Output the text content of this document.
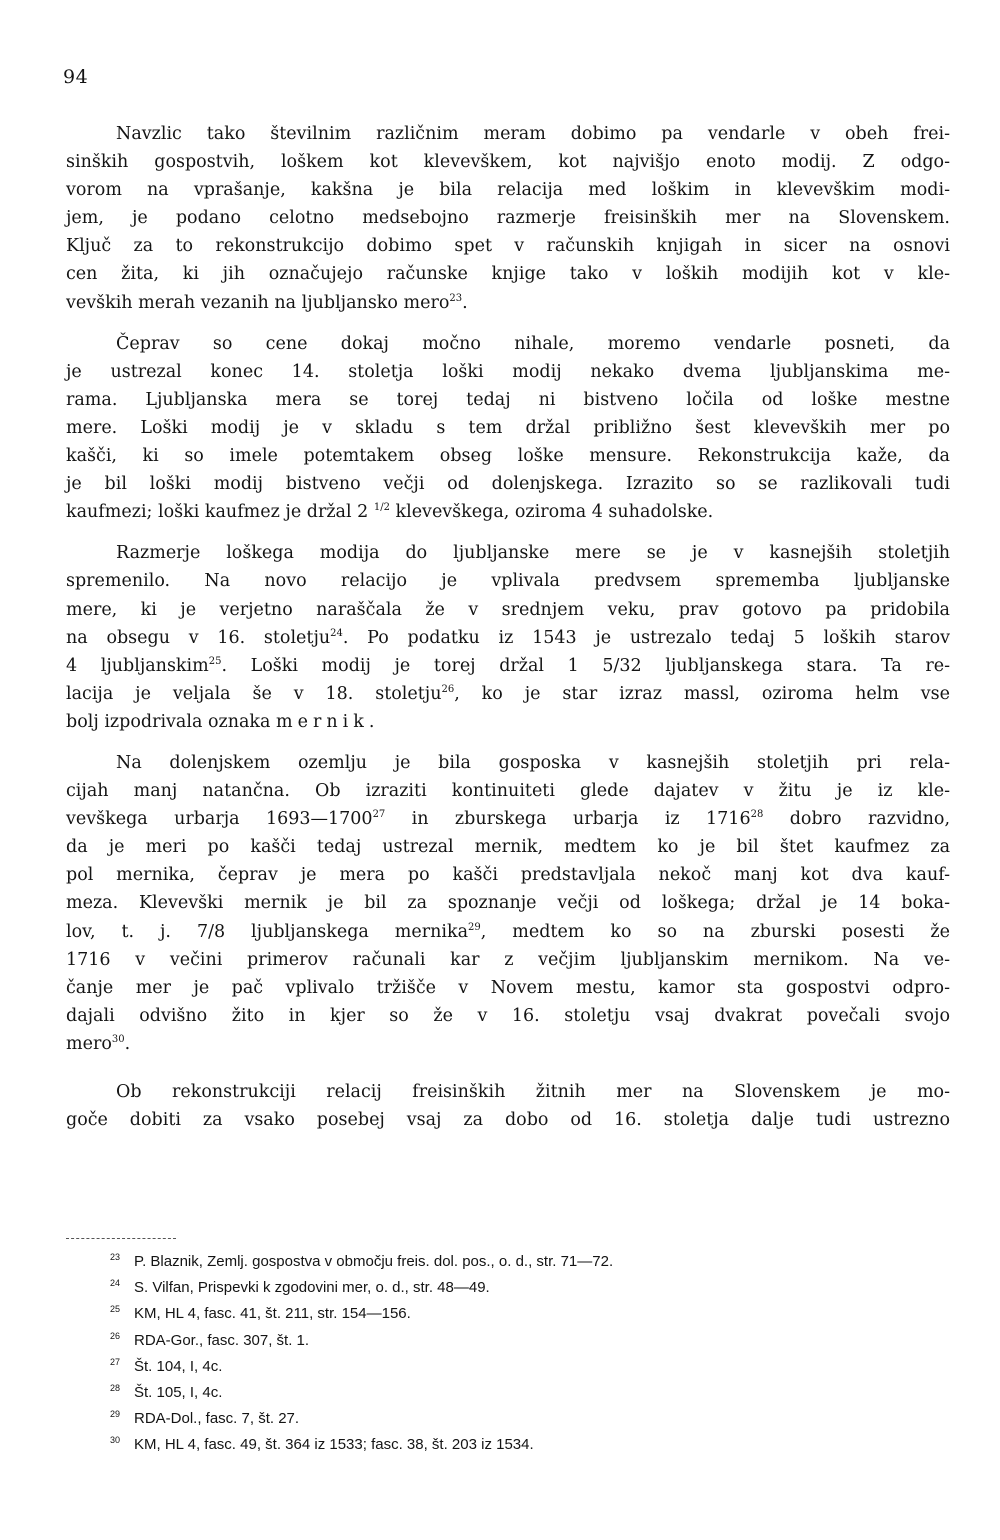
94
Navzlic tako številnim različnim meram dobimo pa vendarle v obeh frei-
sinških gospostvih, loškem kot klevevškem, kot najvišjo enoto modij. Z odgo-
vorom na vprašanje, kakšna je bila relacija med loškim in klevevškim modi-
jem, je podano celotno medsebojno razmerje freisinških mer na Slovenskem.
Ključ za to rekonstrukcijo dobimo spet v računskih knjigah in sicer na osnovi
cen žita, ki jih označujejo računske knjige tako v loških modijih kot v kle-
vevških merah vezanih na ljubljansko mero$^{23}$.
Čeprav so cene dokaj močno nihale, moremo vendarle posneti, da
je ustrezal konec 14. stoletja loški modij nekako dvema ljubljanskima me-
rama. Ljubljanska mera se torej tedaj ni bistveno ločila od loške mestne
mere. Loški modij je v skladu s tem držal približno šest klevevških mer po
kašči, ki so imele potemtakem obseg loške mensure. Rekonstrukcija kaže, da
je bil loški modij bistveno večji od dolenjskega. Izrazito so se razlikovali tudi
kaufmezi; loški kaufmez je držal 2 $^{1/2}$ klevevškega, oziroma 4 suhadolske.
Razmerje loškega modija do ljubljanske mere se je v kasnejših stoletjih
spremenilo. Na novo relacijo je vplivala predvsem sprememba ljubljanske
mere, ki je verjetno naraščala že v srednjem veku, prav gotovo pa pridobila
na obsegu v 16. stoletju$^{24}$. Po podatku iz 1543 je ustrezalo tedaj 5 loških starov
4 ljubljanskim$^{25}$. Loški modij je torej držal 1 5/32 ljubljanskega stara. Ta re-
lacija je veljala še v 18. stoletju$^{26}$, ko je star izraz massl, oziroma helm vse
bolj izpodrivala oznaka mernik.
Na dolenjskem ozemlju je bila gosposka v kasnejših stoletjih pri rela-
cijah manj natančna. Ob izraziti kontinuiteti glede dajatev v žitu je iz kle-
vevškega urbarja 1693—1700$^{27}$ in zburskega urbarja iz 1716$^{28}$ dobro razvidno,
da je meri po kašči tedaj ustrezal mernik, medtem ko je bil štet kaufmez za
pol mernika, čeprav je mera po kašči predstavljala nekoč manj kot dva kauf-
meza. Klevevški mernik je bil za spoznanje večji od loškega; držal je 14 boka-
lov, t. j. 7/8 ljubljanskega mernika$^{29}$, medtem ko so na zburski posesti že
1716 v večini primerov računali kar z večjim ljubljanskim mernikom. Na ve-
čanje mer je pač vplivalo tržišče v Novem mestu, kamor sta gospostvi odpro-
dajali odvišno žito in kjer so že v 16. stoletju vsaj dvakrat povečali svojo
mero$^{30}$.
Ob rekonstrukciji relacij freisinških žitnih mer na Slovenskem je mo-
goče dobiti za vsako posebej vsaj za dobo od 16. stoletja dalje tudi ustrezno
23 P. Blaznik, Zemlj. gospostva v območju freis. dol. pos., o. d., str. 71—72.
24 S. Vilfan, Prispevki k zgodovini mer, o. d., str. 48—49.
25 KM, HL 4, fasc. 41, št. 211, str. 154—156.
26 RDA-Gor., fasc. 307, št. 1.
27 Št. 104, I, 4c.
28 Št. 105, I, 4c.
29 RDA-Dol., fasc. 7, št. 27.
30 KM, HL 4, fasc. 49, št. 364 iz 1533; fasc. 38, št. 203 iz 1534.
